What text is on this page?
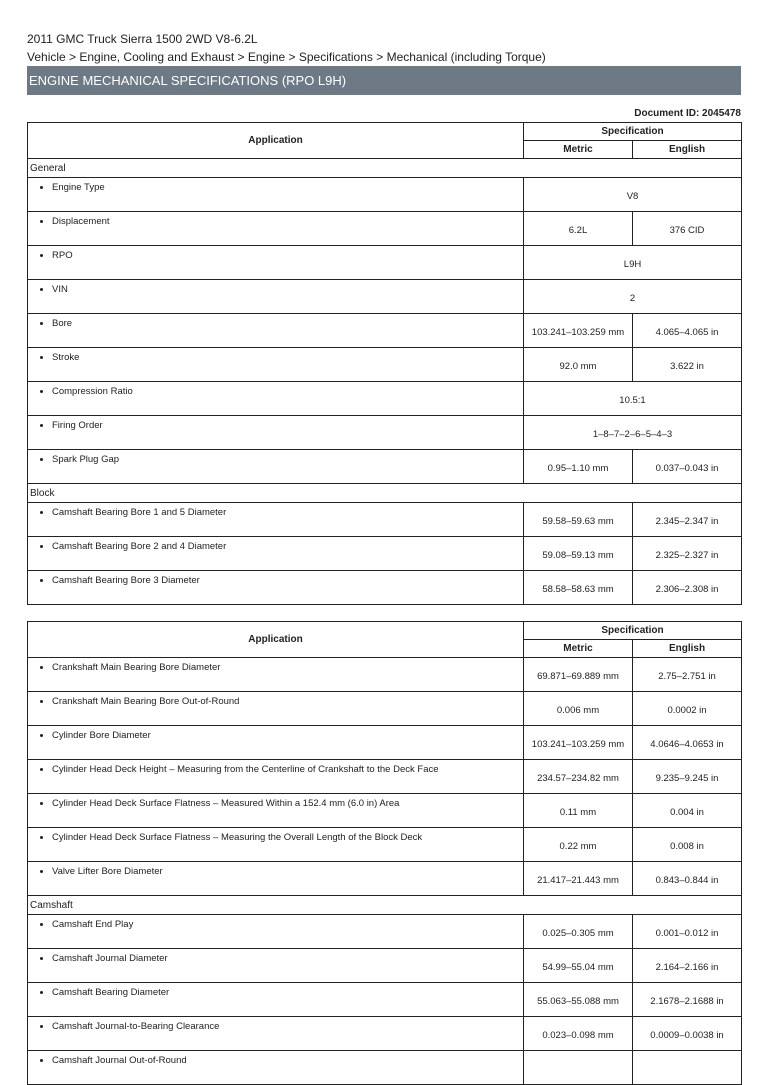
2011 GMC Truck Sierra 1500 2WD V8-6.2L
Vehicle > Engine, Cooling and Exhaust > Engine > Specifications > Mechanical (including Torque)
ENGINE MECHANICAL SPECIFICATIONS (RPO L9H)
Document ID: 2045478
Application	Specification	
	Metric	English
General		
Engine Type	V8	
Displacement	6.2L	376 CID
RPO	L9H	
VIN	2	
Bore	103.241–103.259 mm	4.065–4.065 in
Stroke	92.0 mm	3.622 in
Compression Ratio	10.5:1	
Firing Order	1–8–7–2–6–5–4–3	
Spark Plug Gap	0.95–1.10 mm	0.037–0.043 in
Block		
Camshaft Bearing Bore 1 and 5 Diameter	59.58–59.63 mm	2.345–2.347 in
Camshaft Bearing Bore 2 and 4 Diameter	59.08–59.13 mm	2.325–2.327 in
Camshaft Bearing Bore 3 Diameter	58.58–58.63 mm	2.306–2.308 in
Application	Specification	
	Metric	English
Crankshaft Main Bearing Bore Diameter	69.871–69.889 mm	2.75–2.751 in
Crankshaft Main Bearing Bore Out-of-Round	0.006 mm	0.0002 in
Cylinder Bore Diameter	103.241–103.259 mm	4.0646–4.0653 in
Cylinder Head Deck Height – Measuring from the Centerline of Crankshaft to the Deck Face	234.57–234.82 mm	9.235–9.245 in
Cylinder Head Deck Surface Flatness – Measured Within a 152.4 mm (6.0 in) Area	0.11 mm	0.004 in
Cylinder Head Deck Surface Flatness – Measuring the Overall Length of the Block Deck	0.22 mm	0.008 in
Valve Lifter Bore Diameter	21.417–21.443 mm	0.843–0.844 in
Camshaft		
Camshaft End Play	0.025–0.305 mm	0.001–0.012 in
Camshaft Journal Diameter	54.99–55.04 mm	2.164–2.166 in
Camshaft Bearing Diameter	55.063–55.088 mm	2.1678–2.1688 in
Camshaft Journal-to-Bearing Clearance	0.023–0.098 mm	0.0009–0.0038 in
Camshaft Journal Out-of-Round		
